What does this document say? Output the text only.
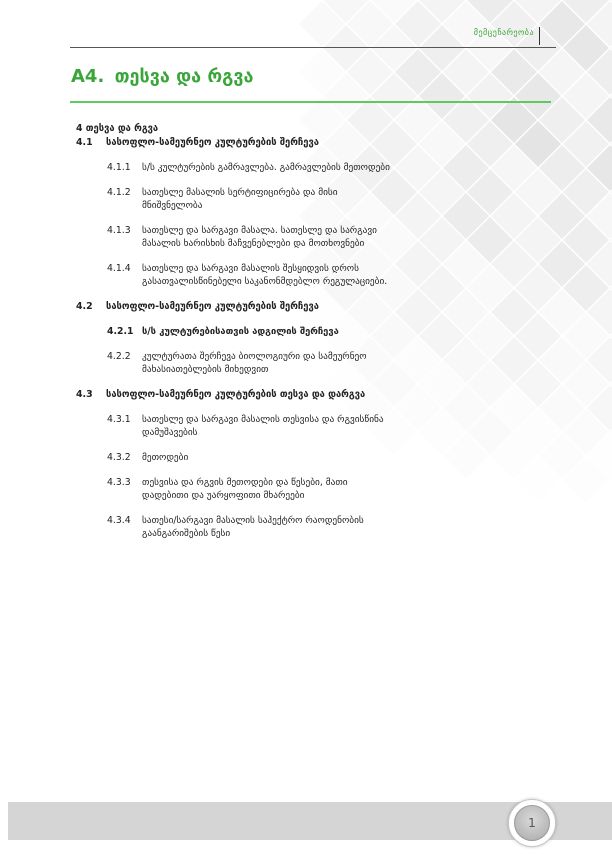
მემცენარეობა
A4. თესვა და რგვა
4 თესვა და რგვა
4.1	სასოფლო-სამეურნეო კულტურების შერჩევა
4.1.1	ს/ს კულტურების გამრავლება. გამრავლების მეთოდები
4.1.2	სათესლე მასალის სერტიფიცირება და მისი მნიშვნელობა
4.1.3	სათესლე და სარგავი მასალა. სათესლე და სარგავი მასალის ხარისხის მაჩვენებლები და მოთხოვნები
4.1.4	სათესლე და სარგავი მასალის შესყიდვის დროს გასათვალისწინებელი საკანონმდებლო რეგულაციები.
4.2	სასოფლო-სამეურნეო კულტურების შერჩევა
4.2.1 ს/ს კულტურებისათვის ადგილის შერჩევა
4.2.2	კულტურათა შერჩევა ბიოლოგიური და სამეურნეო მახასიათებლების მიხედვით
4.3	სასოფლო-სამეურნეო კულტურების თესვა და დარგვა
4.3.1	სათესლე და სარგავი მასალის თესვისა და რგვისწინა დამუშავების
4.3.2	მეთოდები
4.3.3	თესვისა და რგვის მეთოდები და წესები, მათი დადებითი და უარყოფითი მხარეები
4.3.4	სათესი/სარგავი მასალის საჰექტრო რაოდენობის გაანგარიშების წესი
1
